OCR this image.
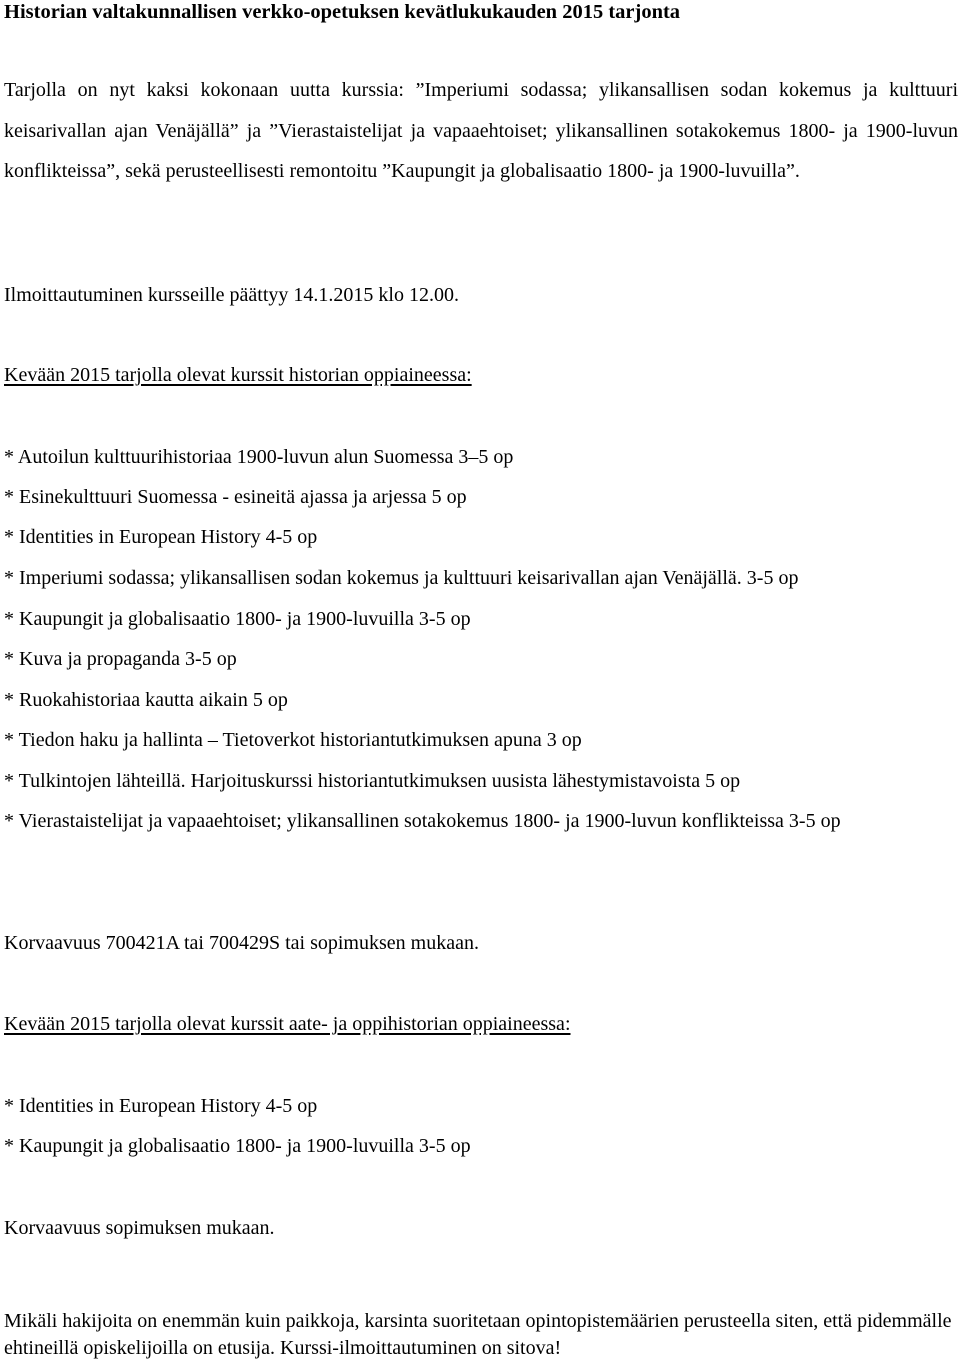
Historian valtakunnallisen verkko-opetuksen kevätlukukauden 2015 tarjonta
Tarjolla on nyt kaksi kokonaan uutta kurssia: ”Imperiumi sodassa; ylikansallisen sodan kokemus ja kulttuuri keisarivallan ajan Venäjällä” ja ”Vierastaistelijat ja vapaaehtoiset; ylikansallinen sotakokemus 1800- ja 1900-luvun konflikteissa”, sekä perusteellisesti remontoitu ”Kaupungit ja globalisaatio 1800- ja 1900-luvuilla”.
Ilmoittautuminen kursseille päättyy 14.1.2015 klo 12.00.
Kevään 2015 tarjolla olevat kurssit historian oppiaineessa:
* Autoilun kulttuurihistoriaa 1900-luvun alun Suomessa 3–5 op
* Esinekulttuuri Suomessa - esineitä ajassa ja arjessa 5 op
* Identities in European History 4-5 op
* Imperiumi sodassa; ylikansallisen sodan kokemus ja kulttuuri keisarivallan ajan Venäjällä. 3-5 op
* Kaupungit ja globalisaatio 1800- ja 1900-luvuilla 3-5 op
* Kuva ja propaganda 3-5 op
* Ruokahistoriaa kautta aikain 5 op
* Tiedon haku ja hallinta – Tietoverkot historiantutkimuksen apuna 3 op
* Tulkintojen lähteillä. Harjoituskurssi historiantutkimuksen uusista lähestymistavoista 5 op
* Vierastaistelijat ja vapaaehtoiset; ylikansallinen sotakokemus 1800- ja 1900-luvun konflikteissa 3-5 op
Korvaavuus 700421A tai 700429S tai sopimuksen mukaan.
Kevään 2015 tarjolla olevat kurssit aate- ja oppihistorian oppiaineessa:
* Identities in European History 4-5 op
* Kaupungit ja globalisaatio 1800- ja 1900-luvuilla 3-5 op
Korvaavuus sopimuksen mukaan.
Mikäli hakijoita on enemmän kuin paikkoja, karsinta suoritetaan opintopistemäärien perusteella siten, että pidemmälle ehtineillä opiskelijoilla on etusija. Kurssi-ilmoittautuminen on sitova!
